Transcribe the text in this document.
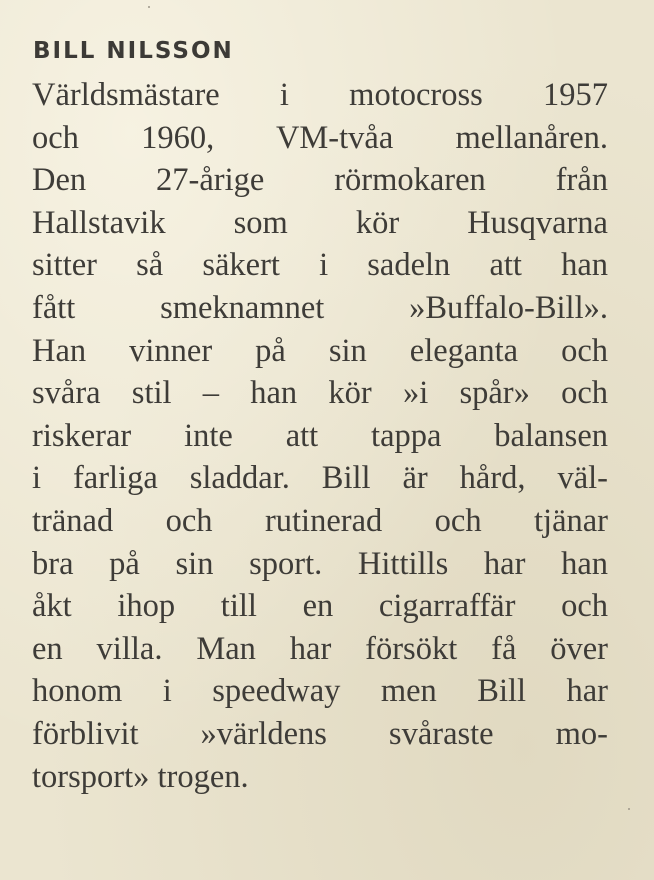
BILL NILSSON
Världsmästare i motocross 1957
och 1960, VM-tvåa mellanåren.
Den 27-årige rörmokaren från
Hallstavik som kör Husqvarna
sitter så säkert i sadeln att han
fått smeknamnet »Buffalo-Bill».
Han vinner på sin eleganta och
svåra stil – han kör »i spår» och
riskerar inte att tappa balansen
i farliga sladdar. Bill är hård, väl-
tränad och rutinerad och tjänar
bra på sin sport. Hittills har han
åkt ihop till en cigarraffär och
en villa. Man har försökt få över
honom i speedway men Bill har
förblivit »världens svåraste mo-
torsport» trogen.
